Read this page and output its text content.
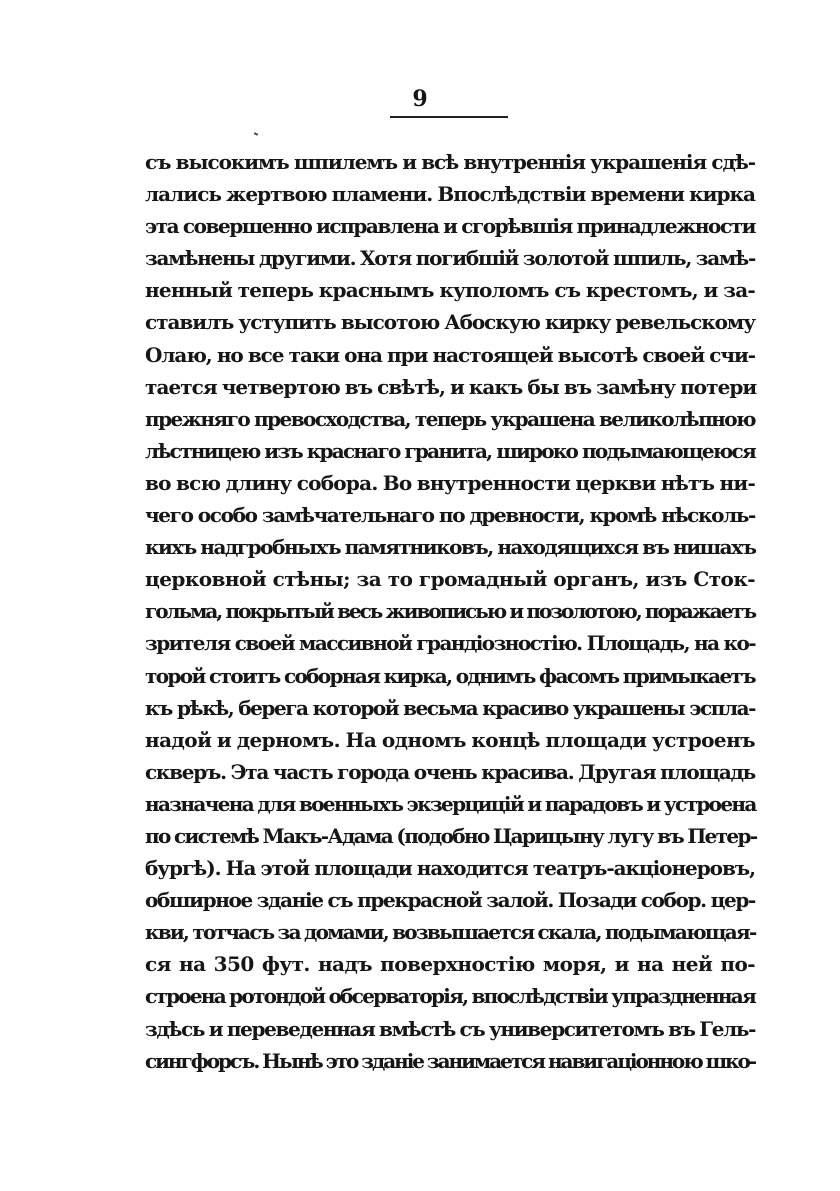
9
съ высокимъ шпилемъ и всѣ внутреннія украшенія сдѣ-
лались жертвою пламени. Впослѣдствіи времени кирка
эта совершенно исправлена и сгорѣвшія принадлежности
замѣнены другими. Хотя погибшій золотой шпиль, замѣ-
ненный теперь краснымъ куполомъ съ крестомъ, и за-
ставилъ уступить высотою Абоскую кирку ревельскому
Олаю, но все таки она при настоящей высотѣ своей счи-
тается четвертою въ свѣтѣ, и какъ бы въ замѣну потери
прежняго превосходства, теперь украшена великолѣпною
лѣстницею изъ краснаго гранита, широко подымающеюся
во всю длину собора. Во внутренности церкви нѣтъ ни-
чего особо замѣчательнаго по древности, кромѣ нѣсколь-
кихъ надгробныхъ памятниковъ, находящихся въ нишахъ
церковной стѣны; за то громадный органъ, изъ Сток-
гольма, покрытый весь живописью и позолотою, поражаетъ
зрителя своей массивной грандіозностію. Площадь, на ко-
торой стоитъ соборная кирка, однимъ фасомъ примыкаетъ
къ рѣкѣ, берега которой весьма красиво украшены эспла-
надой и дерномъ. На одномъ концѣ площади устроенъ
скверъ. Эта часть города очень красива. Другая площадь
назначена для военныхъ экзерцицій и парадовъ и устроена
по системѣ Макъ-Адама (подобно Царицыну лугу въ Петер-
бургѣ). На этой площади находится театръ-акціонеровъ,
обширное зданіе съ прекрасной залой. Позади собор. цер-
кви, тотчасъ за домами, возвышается скала, подымающая-
ся на 350 фут. надъ поверхностію моря, и на ней по-
строена ротондой обсерваторія, впослѣдствіи упраздненная
здѣсь и переведенная вмѣстѣ съ университетомъ въ Гель-
сингфорсъ. Нынѣ это зданіе занимается навигаціонною шко-
